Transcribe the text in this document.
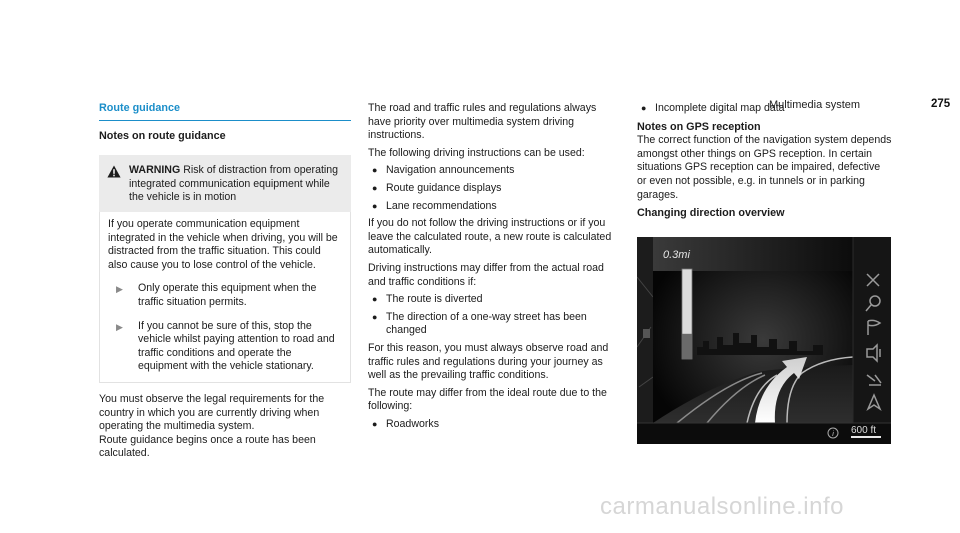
Multimedia system	275
Route guidance
Notes on route guidance
WARNING Risk of distraction from operating integrated communication equipment while the vehicle is in motion

If you operate communication equipment integrated in the vehicle when driving, you will be distracted from the traffic situation. This could also cause you to lose control of the vehicle.

▶	Only operate this equipment when the traffic situation permits.
▶	If you cannot be sure of this, stop the vehicle whilst paying attention to road and traffic conditions and operate the equipment with the vehicle stationary.

You must observe the legal requirements for the country in which you are currently driving when operating the multimedia system.

Route guidance begins once a route has been calculated.

The road and traffic rules and regulations always have priority over multimedia system driving instructions.

The following driving instructions can be used:

● Navigation announcements
● Route guidance displays
● Lane recommendations

If you do not follow the driving instructions or if you leave the calculated route, a new route is calculated automatically.

Driving instructions may differ from the actual road and traffic conditions if:

● The route is diverted
● The direction of a one-way street has been changed

For this reason, you must always observe road and traffic rules and regulations during your journey as well as the prevailing traffic conditions.

The route may differ from the ideal route due to the following:

● Roadworks
● Incomplete digital map data
Notes on GPS reception

The correct function of the navigation system depends amongst other things on GPS reception. In certain situations GPS reception can be impaired, defective or even not possible, e.g. in tunnels or in parking garages.

Changing direction overview
i 600 ft
0.3mi
carmanualsonline.info
